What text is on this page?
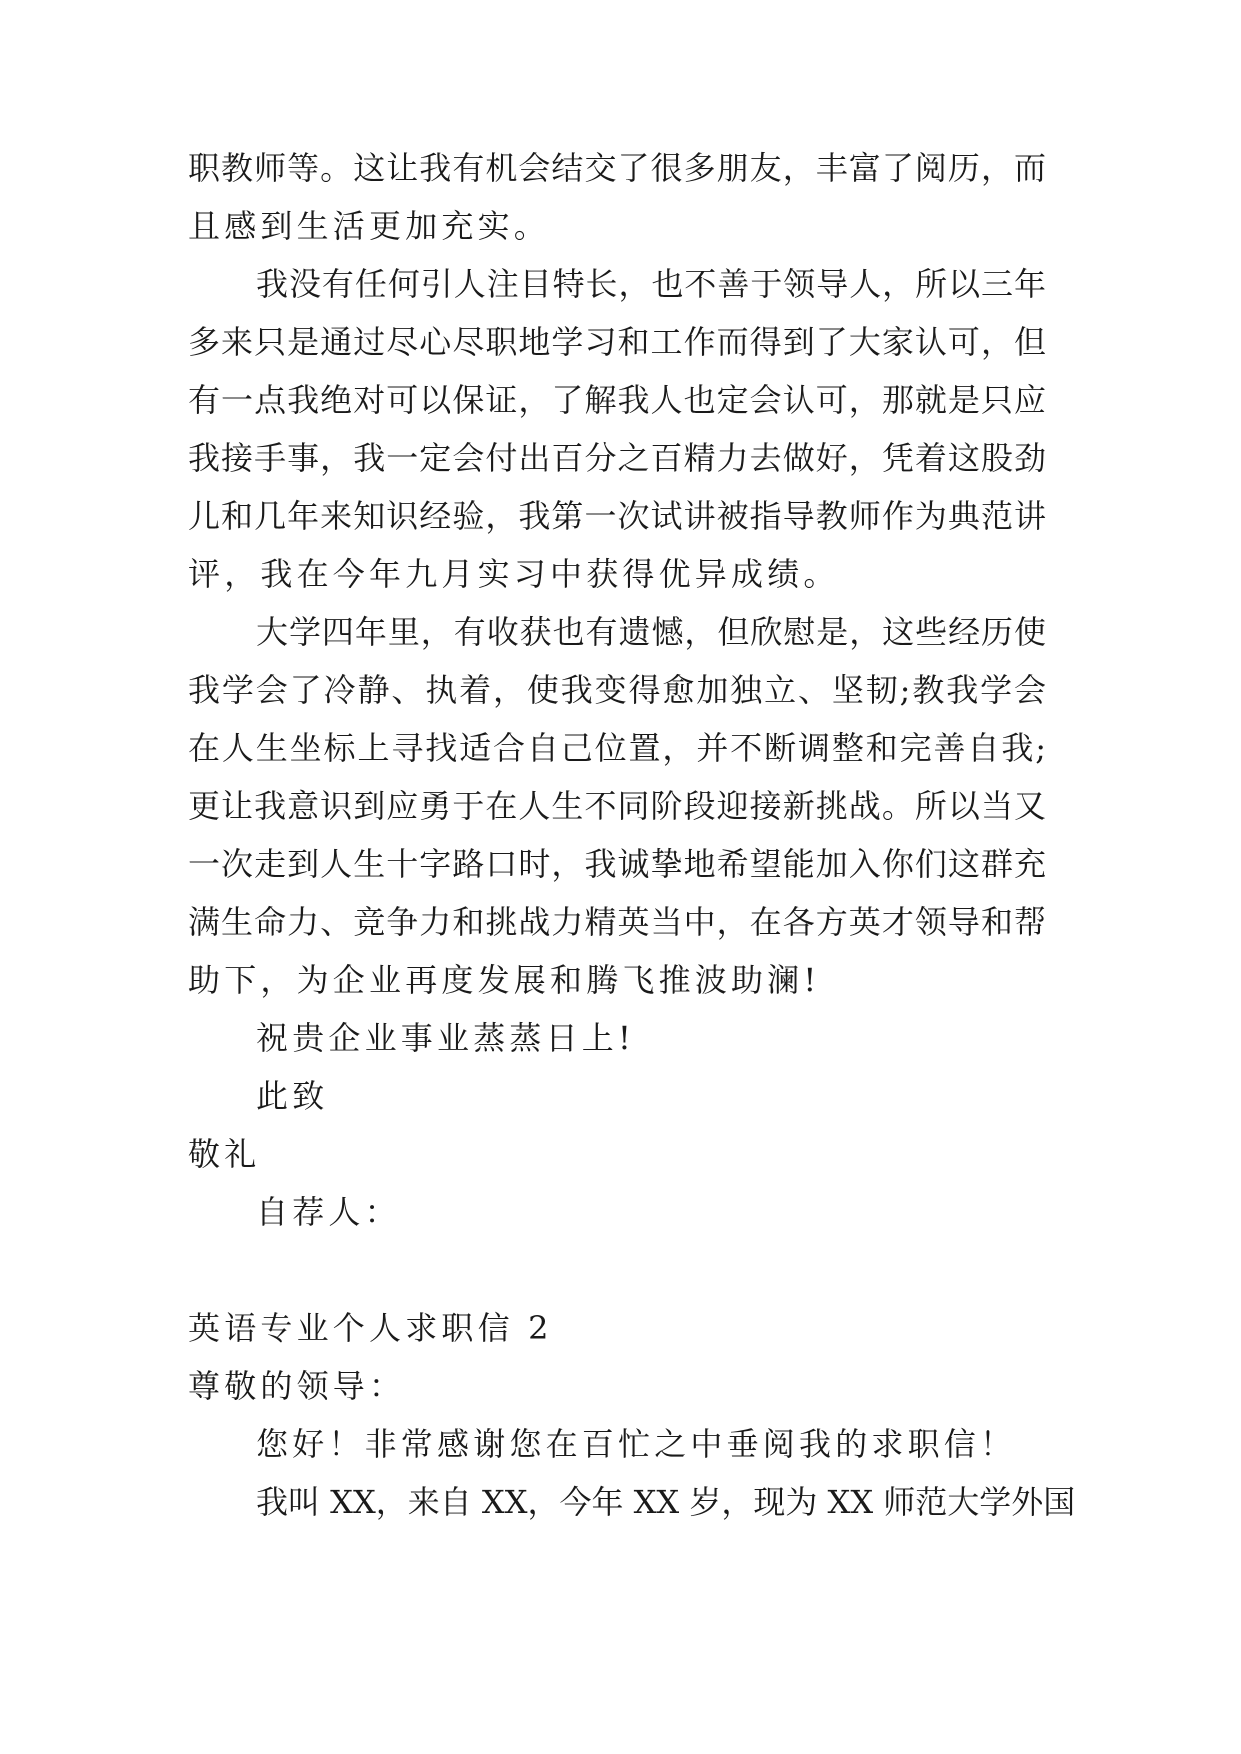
职教师等。这让我有机会结交了很多朋友，丰富了阅历，而
且感到生活更加充实。
我没有任何引人注目特长，也不善于领导人，所以三年
多来只是通过尽心尽职地学习和工作而得到了大家认可，但
有一点我绝对可以保证，了解我人也定会认可，那就是只应
我接手事，我一定会付出百分之百精力去做好，凭着这股劲
儿和几年来知识经验，我第一次试讲被指导教师作为典范讲
评，我在今年九月实习中获得优异成绩。
大学四年里，有收获也有遗憾，但欣慰是，这些经历使
我学会了冷静、执着，使我变得愈加独立、坚韧;教我学会
在人生坐标上寻找适合自己位置，并不断调整和完善自我;
更让我意识到应勇于在人生不同阶段迎接新挑战。所以当又
一次走到人生十字路口时，我诚挚地希望能加入你们这群充
满生命力、竞争力和挑战力精英当中，在各方英才领导和帮
助下，为企业再度发展和腾飞推波助澜!
祝贵企业事业蒸蒸日上!
此致
敬礼
自荐人：
英语专业个人求职信 2
尊敬的领导：
您好！非常感谢您在百忙之中垂阅我的求职信！
我叫 XX，来自 XX，今年 XX 岁，现为 XX 师范大学外国
